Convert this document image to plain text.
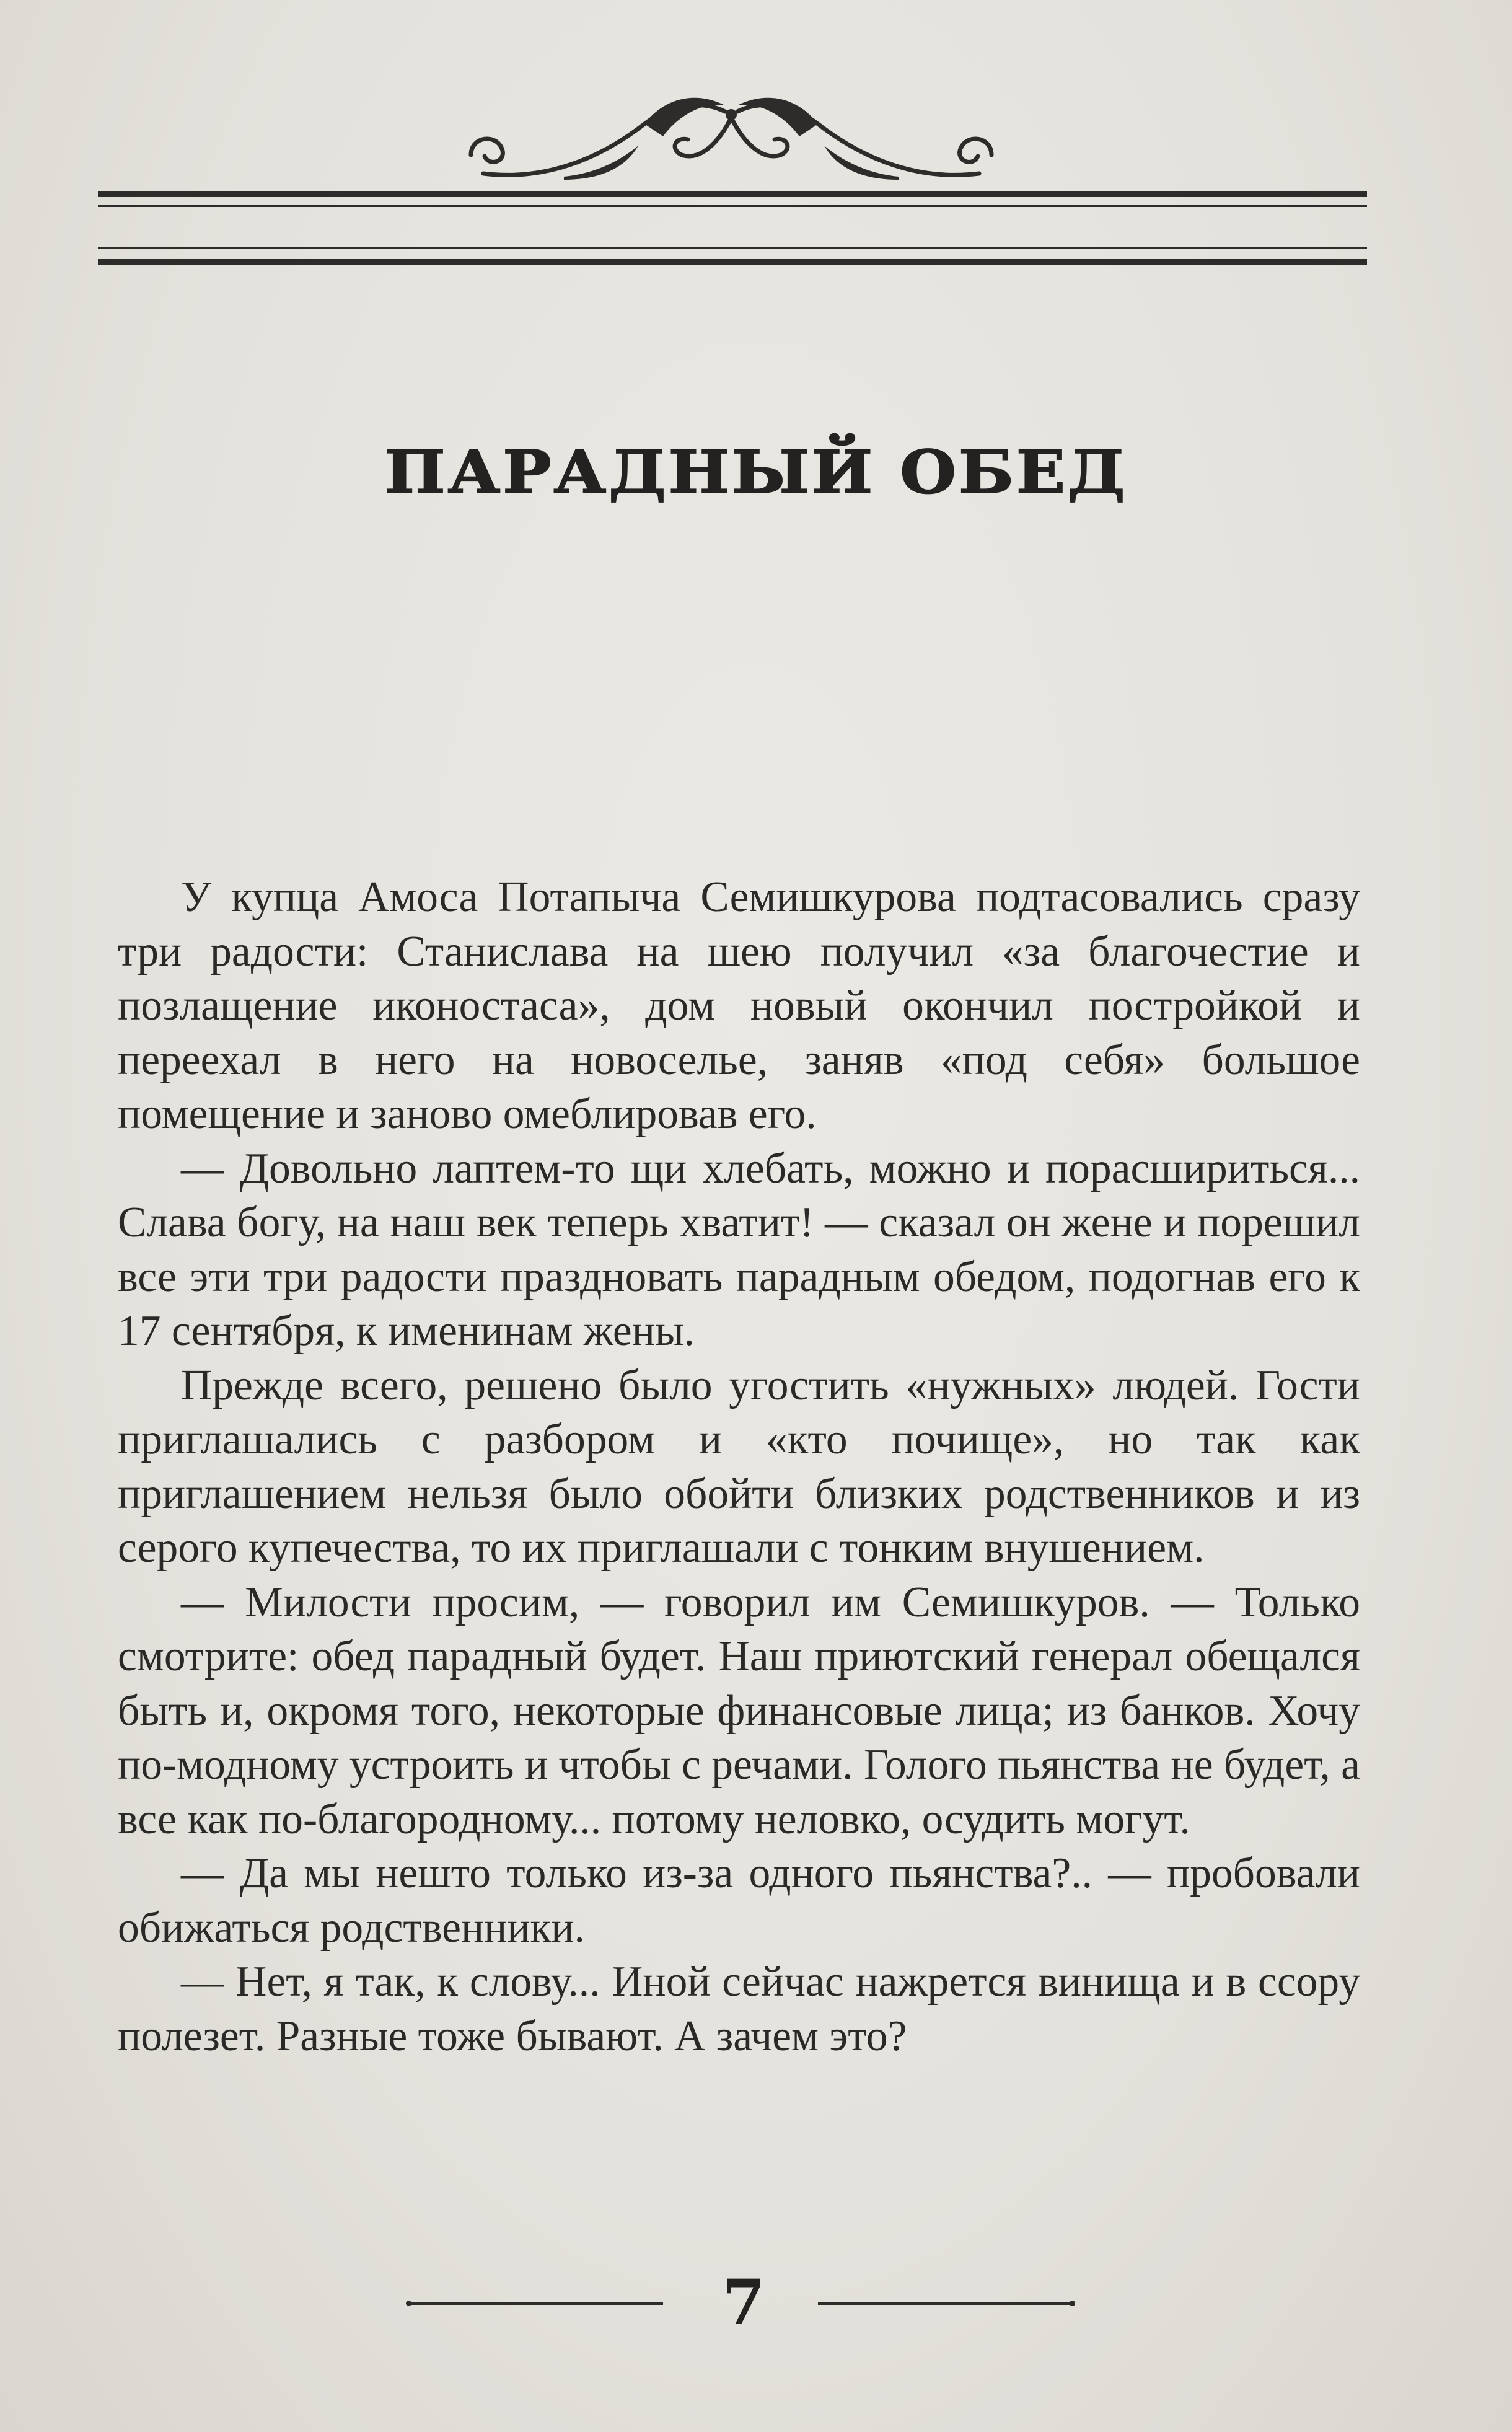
ПАРАДНЫЙ ОБЕД

У купца Амоса Потапыча Семишкурова подтасовались сразу три радости: Станислава на шею получил «за благочестие и позлащение иконостаса», дом новый окончил постройкой и переехал в него на новоселье, заняв «под себя» большое помещение и заново омеблировав его.

— Довольно лаптем-то щи хлебать, можно и порасшириться... Слава богу, на наш век теперь хватит! — сказал он жене и порешил все эти три радости праздновать парадным обедом, подогнав его к 17 сентября, к именинам жены.

Прежде всего, решено было угостить «нужных» людей. Гости приглашались с разбором и «кто почище», но так как приглашением нельзя было обойти близких родственников и из серого купечества, то их приглашали с тонким внушением.

— Милости просим, — говорил им Семишкуров. — Только смотрите: обед парадный будет. Наш приютский генерал обещался быть и, окромя того, некоторые финансовые лица; из банков. Хочу по-модному устроить и чтобы с речами. Голого пьянства не будет, а все как по-благородному... потому неловко, осудить могут.

— Да мы нешто только из-за одного пьянства?.. — пробовали обижаться родственники.

— Нет, я так, к слову... Иной сейчас нажрется винища и в ссору полезет. Разные тоже бывают. А зачем это?

7
